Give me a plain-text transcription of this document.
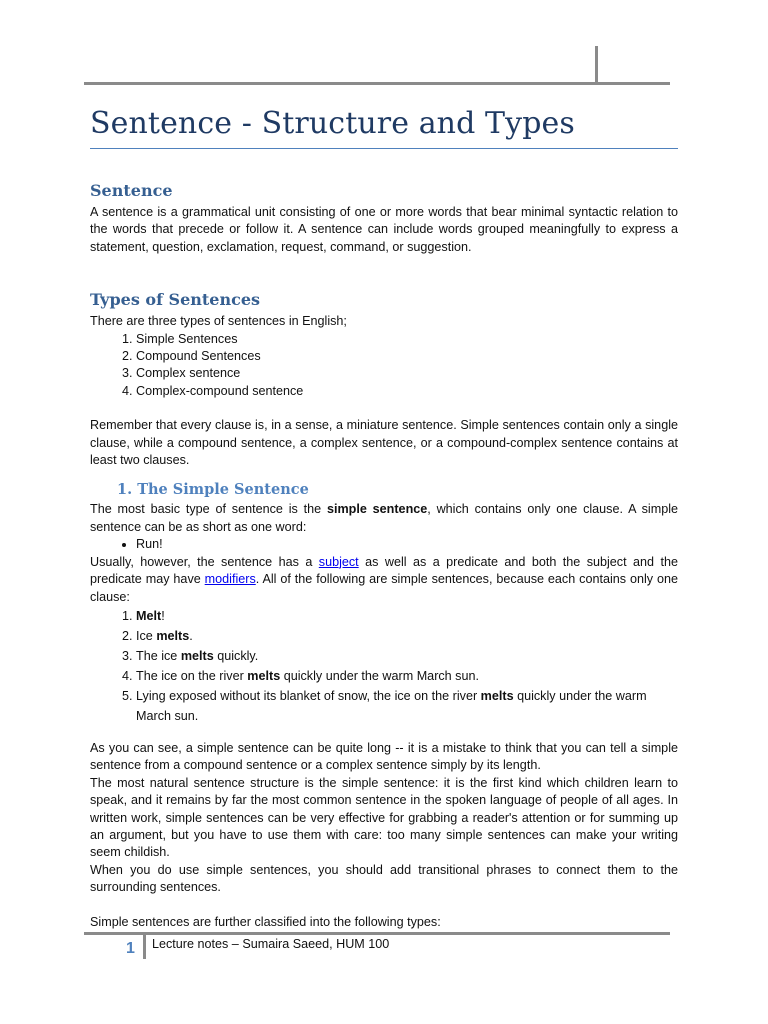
Sentence - Structure and Types
Sentence

A sentence is a grammatical unit consisting of one or more words that bear minimal syntactic relation to the words that precede or follow it. A sentence can include words grouped meaningfully to express a statement, question, exclamation, request, command, or suggestion.

Types of Sentences

There are three types of sentences in English;

1. Simple Sentences
2. Compound Sentences
3. Complex sentence
4. Complex-compound sentence

Remember that every clause is, in a sense, a miniature sentence. Simple sentences contain only a single clause, while a compound sentence, a complex sentence, or a compound-complex sentence contains at least two clauses.

1. The Simple Sentence

The most basic type of sentence is the simple sentence, which contains only one clause. A simple sentence can be as short as one word:

• Run!

Usually, however, the sentence has a subject as well as a predicate and both the subject and the predicate may have modifiers. All of the following are simple sentences, because each contains only one clause:

1. Melt!
2. Ice melts.
3. The ice melts quickly.
4. The ice on the river melts quickly under the warm March sun.
5. Lying exposed without its blanket of snow, the ice on the river melts quickly under the warm March sun.

As you can see, a simple sentence can be quite long -- it is a mistake to think that you can tell a simple sentence from a compound sentence or a complex sentence simply by its length.

The most natural sentence structure is the simple sentence: it is the first kind which children learn to speak, and it remains by far the most common sentence in the spoken language of people of all ages. In written work, simple sentences can be very effective for grabbing a reader's attention or for summing up an argument, but you have to use them with care: too many simple sentences can make your writing seem childish.

When you do use simple sentences, you should add transitional phrases to connect them to the surrounding sentences.

Simple sentences are further classified into the following types:

1 Lecture notes – Sumaira Saeed, HUM 100
